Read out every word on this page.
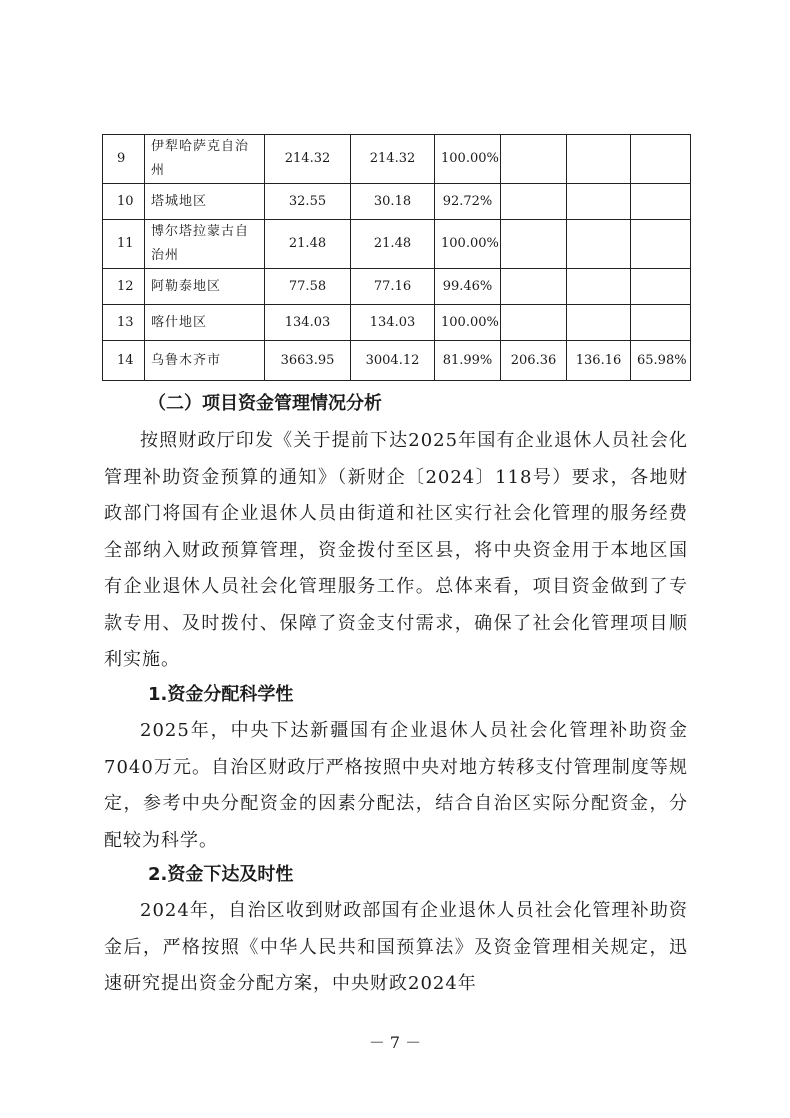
9	伊犁哈萨克自治州	214.32	214.32	100.00%			
10	塔城地区	32.55	30.18	92.72%			
11	博尔塔拉蒙古自治州	21.48	21.48	100.00%			
12	阿勒泰地区	77.58	77.16	99.46%			
13	喀什地区	134.03	134.03	100.00%			
14	乌鲁木齐市	3663.95	3004.12	81.99%	206.36	136.16	65.98%
（二）项目资金管理情况分析

按照财政厅印发《关于提前下达2025年国有企业退休人员社会化管理补助资金预算的通知》（新财企〔2024〕118号）要求，各地财政部门将国有企业退休人员由街道和社区实行社会化管理的服务经费全部纳入财政预算管理，资金拨付至区县，将中央资金用于本地区国有企业退休人员社会化管理服务工作。总体来看，项目资金做到了专款专用、及时拨付、保障了资金支付需求，确保了社会化管理项目顺利实施。

1.资金分配科学性

2025年，中央下达新疆国有企业退休人员社会化管理补助资金7040万元。自治区财政厅严格按照中央对地方转移支付管理制度等规定，参考中央分配资金的因素分配法，结合自治区实际分配资金，分配较为科学。

2.资金下达及时性

2024年，自治区收到财政部国有企业退休人员社会化管理补助资金后，严格按照《中华人民共和国预算法》及资金管理相关规定，迅速研究提出资金分配方案，中央财政2024年

－ 7 －
